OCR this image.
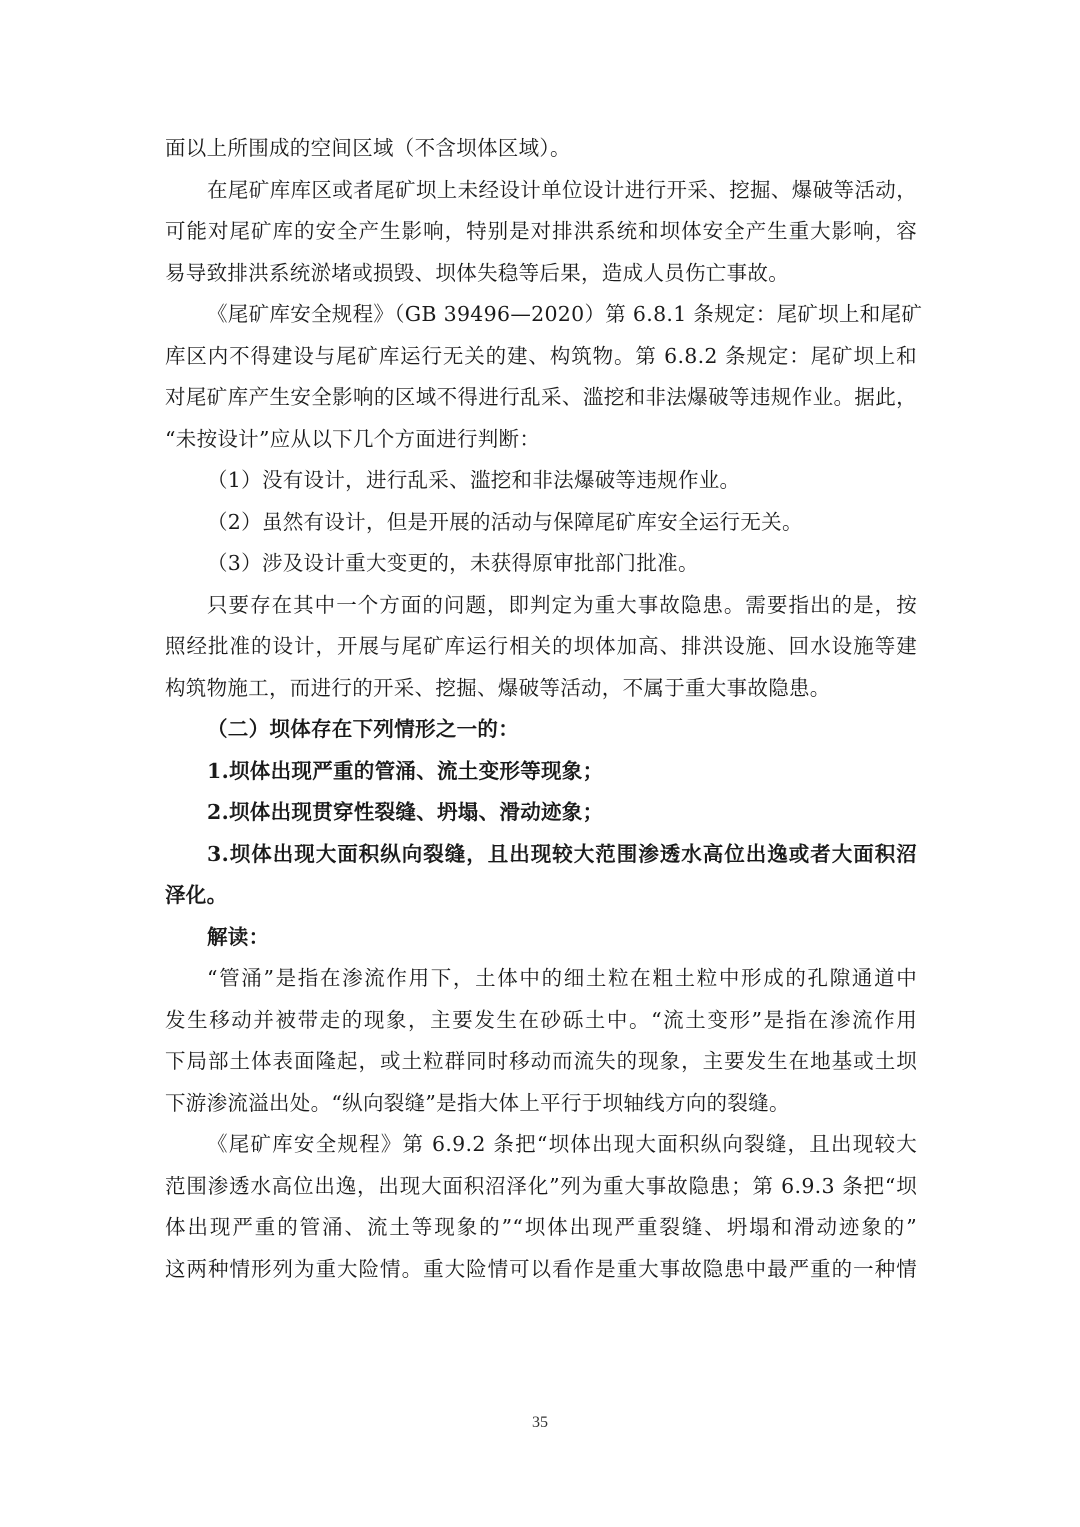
面以上所围成的空间区域（不含坝体区域）。
在尾矿库库区或者尾矿坝上未经设计单位设计进行开采、挖掘、爆破等活动，
可能对尾矿库的安全产生影响，特别是对排洪系统和坝体安全产生重大影响，容
易导致排洪系统淤堵或损毁、坝体失稳等后果，造成人员伤亡事故。
《尾矿库安全规程》（GB 39496—2020）第 6.8.1 条规定：尾矿坝上和尾矿
库区内不得建设与尾矿库运行无关的建、构筑物。第 6.8.2 条规定：尾矿坝上和
对尾矿库产生安全影响的区域不得进行乱采、滥挖和非法爆破等违规作业。据此，
“未按设计”应从以下几个方面进行判断：
（1）没有设计，进行乱采、滥挖和非法爆破等违规作业。
（2）虽然有设计，但是开展的活动与保障尾矿库安全运行无关。
（3）涉及设计重大变更的，未获得原审批部门批准。
只要存在其中一个方面的问题，即判定为重大事故隐患。需要指出的是，按
照经批准的设计，开展与尾矿库运行相关的坝体加高、排洪设施、回水设施等建
构筑物施工，而进行的开采、挖掘、爆破等活动，不属于重大事故隐患。
（二）坝体存在下列情形之一的：
1.坝体出现严重的管涌、流土变形等现象；
2.坝体出现贯穿性裂缝、坍塌、滑动迹象；
3.坝体出现大面积纵向裂缝，且出现较大范围渗透水高位出逸或者大面积沼
泽化。
解读：
“管涌”是指在渗流作用下，土体中的细土粒在粗土粒中形成的孔隙通道中
发生移动并被带走的现象，主要发生在砂砾土中。“流土变形”是指在渗流作用
下局部土体表面隆起，或土粒群同时移动而流失的现象，主要发生在地基或土坝
下游渗流溢出处。“纵向裂缝”是指大体上平行于坝轴线方向的裂缝。
《尾矿库安全规程》第 6.9.2 条把“坝体出现大面积纵向裂缝，且出现较大
范围渗透水高位出逸，出现大面积沼泽化”列为重大事故隐患；第 6.9.3 条把“坝
体出现严重的管涌、流土等现象的”“坝体出现严重裂缝、坍塌和滑动迹象的”
这两种情形列为重大险情。重大险情可以看作是重大事故隐患中最严重的一种情
35
